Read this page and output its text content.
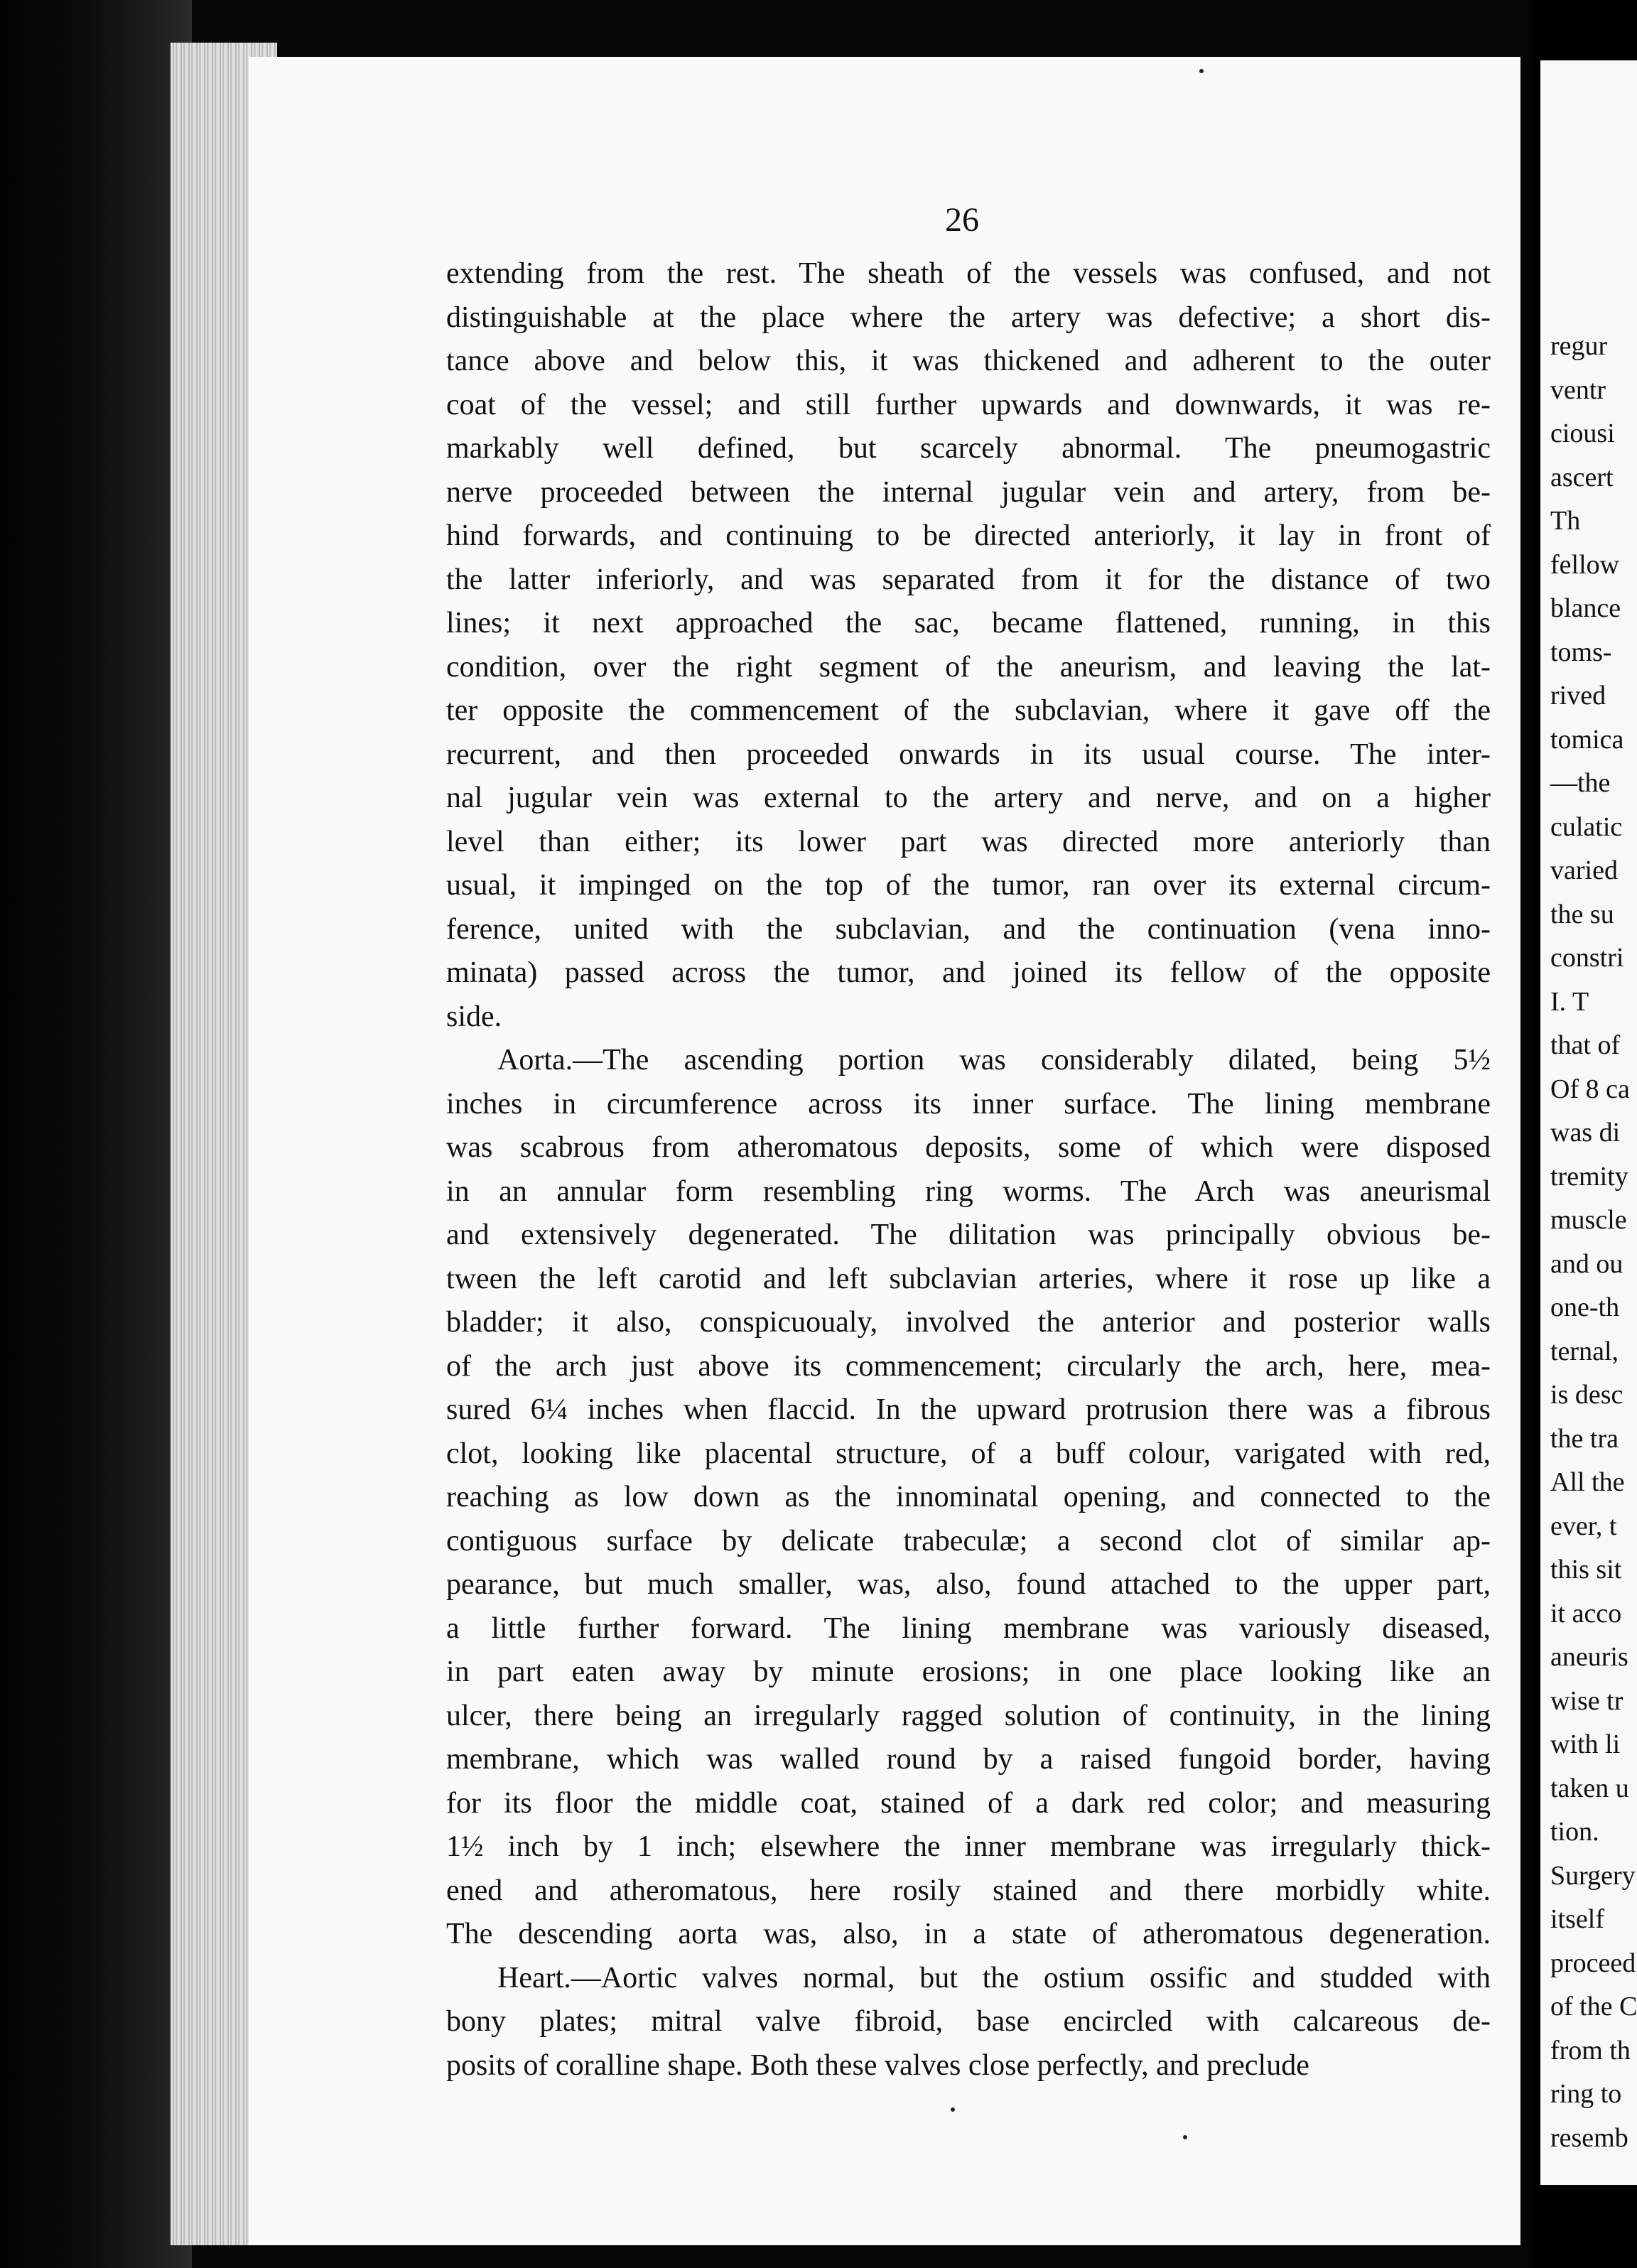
26
extending from the rest. The sheath of the vessels was confused, and not
distinguishable at the place where the artery was defective; a short dis-
tance above and below this, it was thickened and adherent to the outer
coat of the vessel; and still further upwards and downwards, it was re-
markably well defined, but scarcely abnormal. The pneumogastric
nerve proceeded between the internal jugular vein and artery, from be-
hind forwards, and continuing to be directed anteriorly, it lay in front of
the latter inferiorly, and was separated from it for the distance of two
lines; it next approached the sac, became flattened, running, in this
condition, over the right segment of the aneurism, and leaving the lat-
ter opposite the commencement of the subclavian, where it gave off the
recurrent, and then proceeded onwards in its usual course. The inter-
nal jugular vein was external to the artery and nerve, and on a higher
level than either; its lower part was directed more anteriorly than
usual, it impinged on the top of the tumor, ran over its external circum-
ference, united with the subclavian, and the continuation (vena inno-
minata) passed across the tumor, and joined its fellow of the opposite
side.
Aorta.—The ascending portion was considerably dilated, being 5½
inches in circumference across its inner surface. The lining membrane
was scabrous from atheromatous deposits, some of which were disposed
in an annular form resembling ring worms. The Arch was aneurismal
and extensively degenerated. The dilitation was principally obvious be-
tween the left carotid and left subclavian arteries, where it rose up like a
bladder; it also, conspicuoualy, involved the anterior and posterior walls
of the arch just above its commencement; circularly the arch, here, mea-
sured 6¼ inches when flaccid. In the upward protrusion there was a fibrous
clot, looking like placental structure, of a buff colour, varigated with red,
reaching as low down as the innominatal opening, and connected to the
contiguous surface by delicate trabeculæ; a second clot of similar ap-
pearance, but much smaller, was, also, found attached to the upper part,
a little further forward. The lining membrane was variously diseased,
in part eaten away by minute erosions; in one place looking like an
ulcer, there being an irregularly ragged solution of continuity, in the lining
membrane, which was walled round by a raised fungoid border, having
for its floor the middle coat, stained of a dark red color; and measuring
1½ inch by 1 inch; elsewhere the inner membrane was irregularly thick-
ened and atheromatous, here rosily stained and there morbidly white.
The descending aorta was, also, in a state of atheromatous degeneration.
Heart.—Aortic valves normal, but the ostium ossific and studded with
bony plates; mitral valve fibroid, base encircled with calcareous de-
posits of coralline shape. Both these valves close perfectly, and preclude
regur
ventr
ciousi
ascert
Th
fellow
blance
toms-
rived
tomica
—the
culatic
varied
the su
constri
I. T
that of
Of 8 ca
was di
tremity
muscle
and ou
one-th
ternal,
is desc
the tra
All the
ever, t
this sit
it acco
aneuris
wise tr
with li
taken u
tion.
Surgery
itself
proceed
of the C
from th
ring to
resemb
